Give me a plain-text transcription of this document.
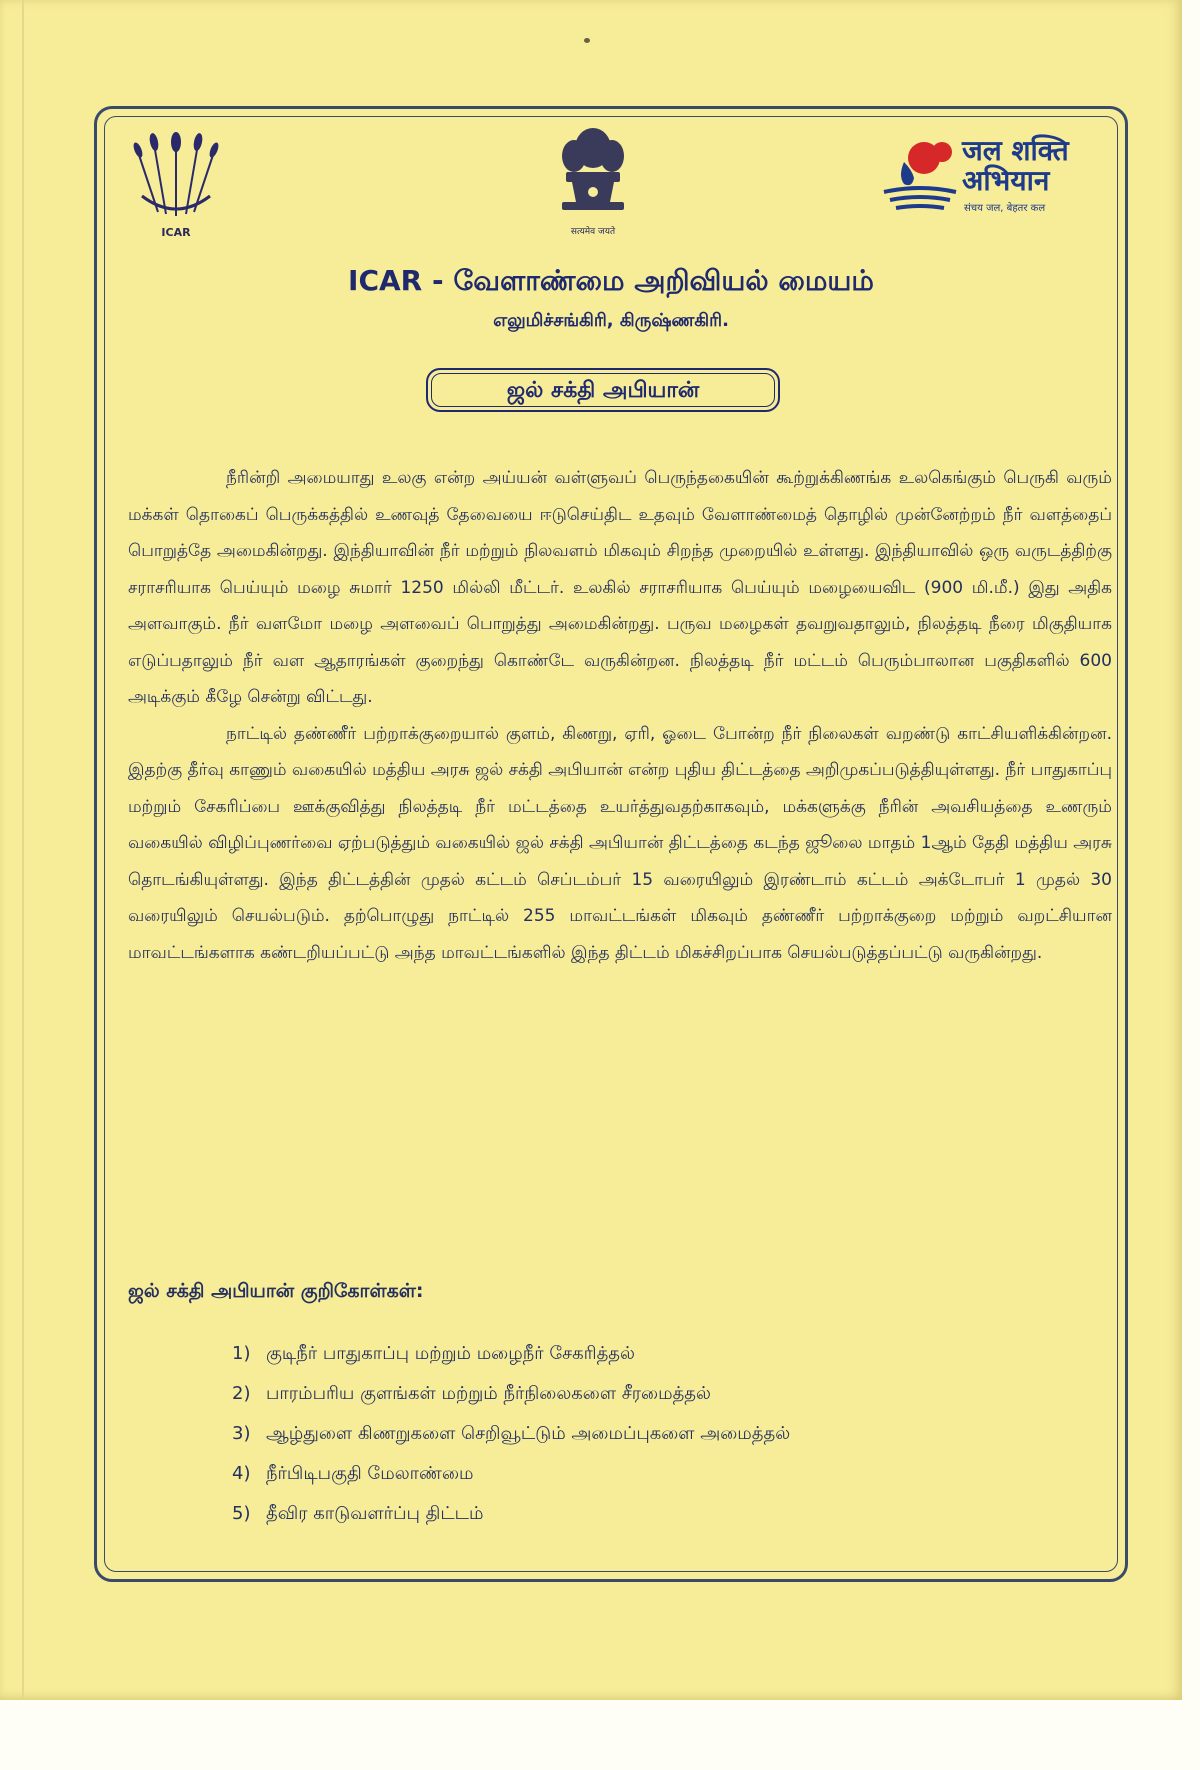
ICAR	सत्यमेव जयते
जल शक्ति
अभियान
संचय जल, बेहतर कल
ICAR - வேளாண்மை அறிவியல் மையம்
எலுமிச்சங்கிரி, கிருஷ்ணகிரி.
ஜல் சக்தி அபியான்

நீரின்றி அமையாது உலகு என்ற அய்யன் வள்ளுவப் பெருந்தகையின் கூற்றுக்கிணங்க உலகெங்கும் பெருகி வரும் மக்கள் தொகைப் பெருக்கத்தில் உணவுத் தேவையை ஈடுசெய்திட உதவும் வேளாண்மைத் தொழில் முன்னேற்றம் நீர் வளத்தைப் பொறுத்தே அமைகின்றது. இந்தியாவின் நீர் மற்றும் நிலவளம் மிகவும் சிறந்த முறையில் உள்ளது. இந்தியாவில் ஒரு வருடத்திற்கு சராசரியாக பெய்யும் மழை சுமார் 1250 மில்லி மீட்டர். உலகில் சராசரியாக பெய்யும் மழையைவிட (900 மி.மீ.) இது அதிக அளவாகும். நீர் வளமோ மழை அளவைப் பொறுத்து அமைகின்றது. பருவ மழைகள் தவறுவதாலும், நிலத்தடி நீரை மிகுதியாக எடுப்பதாலும் நீர் வள ஆதாரங்கள் குறைந்து கொண்டே வருகின்றன. நிலத்தடி நீர் மட்டம் பெரும்பாலான பகுதிகளில் 600 அடிக்கும் கீழே சென்று விட்டது.

நாட்டில் தண்ணீர் பற்றாக்குறையால் குளம், கிணறு, ஏரி, ஓடை போன்ற நீர் நிலைகள் வறண்டு காட்சியளிக்கின்றன. இதற்கு தீர்வு காணும் வகையில் மத்திய அரசு ஜல் சக்தி அபியான் என்ற புதிய திட்டத்தை அறிமுகப்படுத்தியுள்ளது. நீர் பாதுகாப்பு மற்றும் சேகரிப்பை ஊக்குவித்து நிலத்தடி நீர் மட்டத்தை உயர்த்துவதற்காகவும், மக்களுக்கு நீரின் அவசியத்தை உணரும் வகையில் விழிப்புணர்வை ஏற்படுத்தும் வகையில் ஜல் சக்தி அபியான் திட்டத்தை கடந்த ஜூலை மாதம் 1ஆம் தேதி மத்திய அரசு தொடங்கியுள்ளது. இந்த திட்டத்தின் முதல் கட்டம் செப்டம்பர் 15 வரையிலும் இரண்டாம் கட்டம் அக்டோபர் 1 முதல் 30 வரையிலும் செயல்படும். தற்பொழுது நாட்டில் 255 மாவட்டங்கள் மிகவும் தண்ணீர் பற்றாக்குறை மற்றும் வறட்சியான மாவட்டங்களாக கண்டறியப்பட்டு அந்த மாவட்டங்களில் இந்த திட்டம் மிகச்சிறப்பாக செயல்படுத்தப்பட்டு வருகின்றது.

ஜல் சக்தி அபியான் குறிகோள்கள்:
1) குடிநீர் பாதுகாப்பு மற்றும் மழைநீர் சேகரித்தல்
2) பாரம்பரிய குளங்கள் மற்றும் நீர்நிலைகளை சீரமைத்தல்
3) ஆழ்துளை கிணறுகளை செறிவூட்டும் அமைப்புகளை அமைத்தல்
4) நீர்பிடிபகுதி மேலாண்மை
5) தீவிர காடுவளர்ப்பு திட்டம்
